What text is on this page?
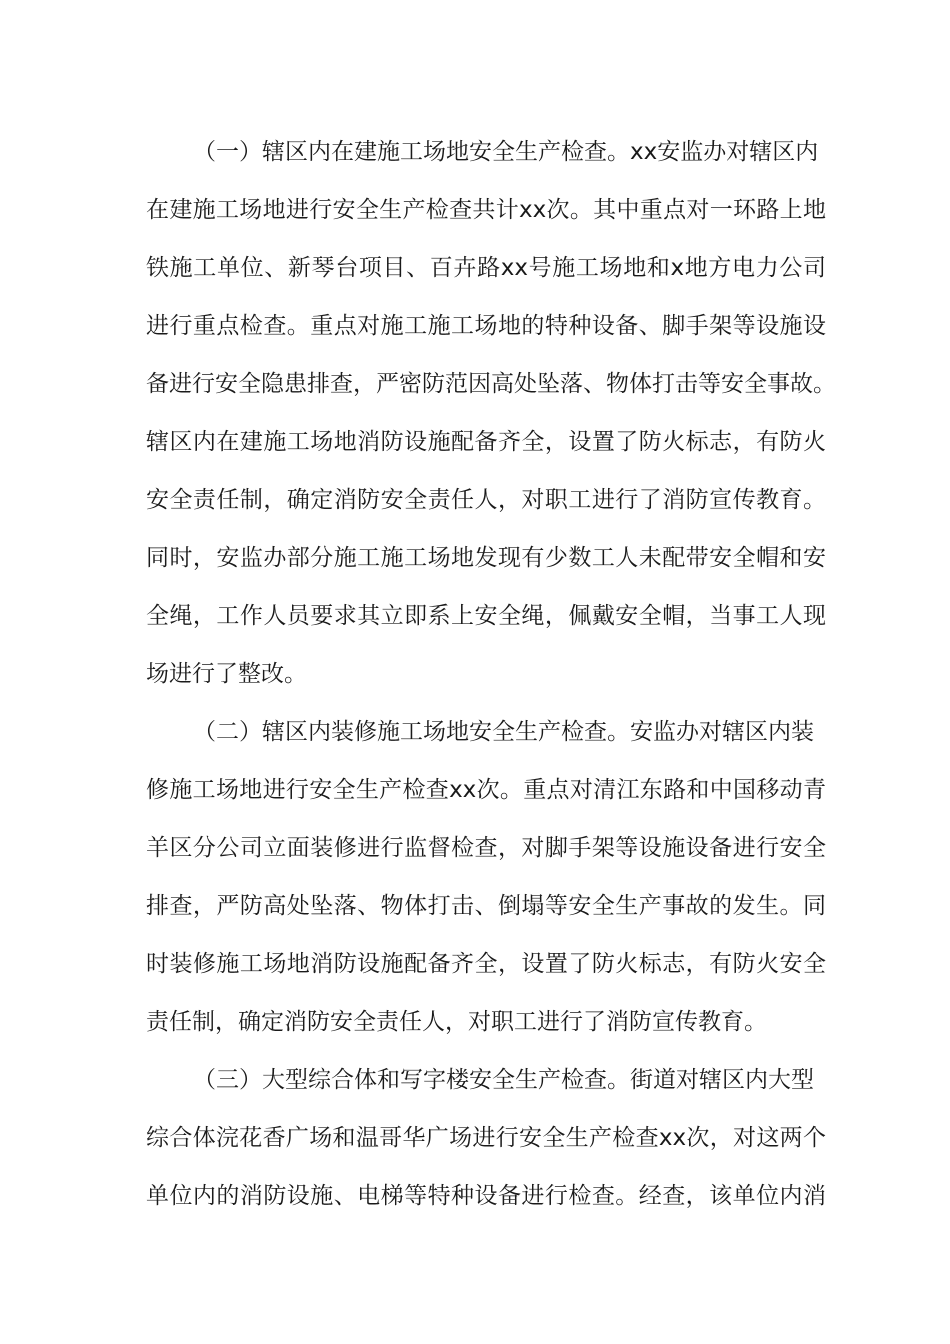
（一）辖区内在建施工场地安全生产检查。xx安监办对辖区内
在建施工场地进行安全生产检查共计xx次。其中重点对一环路上地
铁施工单位、新琴台项目、百卉路xx号施工场地和x地方电力公司
进行重点检查。重点对施工施工场地的特种设备、脚手架等设施设
备进行安全隐患排查，严密防范因高处坠落、物体打击等安全事故。
辖区内在建施工场地消防设施配备齐全，设置了防火标志，有防火
安全责任制，确定消防安全责任人，对职工进行了消防宣传教育。
同时，安监办部分施工施工场地发现有少数工人未配带安全帽和安
全绳，工作人员要求其立即系上安全绳，佩戴安全帽，当事工人现
场进行了整改。
（二）辖区内装修施工场地安全生产检查。安监办对辖区内装
修施工场地进行安全生产检查xx次。重点对清江东路和中国移动青
羊区分公司立面装修进行监督检查，对脚手架等设施设备进行安全
排查，严防高处坠落、物体打击、倒塌等安全生产事故的发生。同
时装修施工场地消防设施配备齐全，设置了防火标志，有防火安全
责任制，确定消防安全责任人，对职工进行了消防宣传教育。
（三）大型综合体和写字楼安全生产检查。街道对辖区内大型
综合体浣花香广场和温哥华广场进行安全生产检查xx次，对这两个
单位内的消防设施、电梯等特种设备进行检查。经查，该单位内消
